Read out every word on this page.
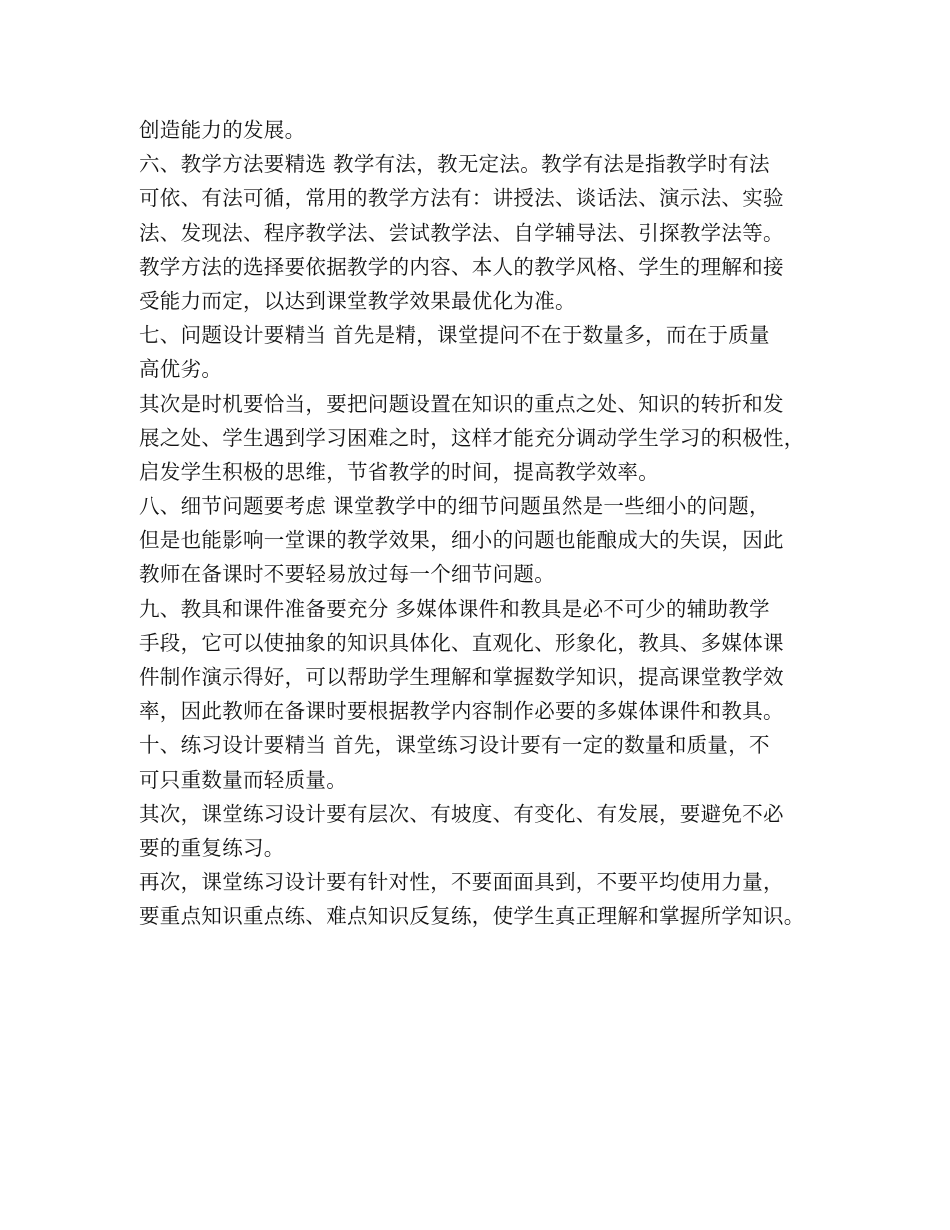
创造能力的发展。
六、教学方法要精选 教学有法，教无定法。教学有法是指教学时有法
可依、有法可循，常用的教学方法有：讲授法、谈话法、演示法、实验
法、发现法、程序教学法、尝试教学法、自学辅导法、引探教学法等。
教学方法的选择要依据教学的内容、本人的教学风格、学生的理解和接
受能力而定，以达到课堂教学效果最优化为准。
七、问题设计要精当 首先是精，课堂提问不在于数量多，而在于质量
高优劣。
其次是时机要恰当，要把问题设置在知识的重点之处、知识的转折和发
展之处、学生遇到学习困难之时，这样才能充分调动学生学习的积极性，
启发学生积极的思维，节省教学的时间，提高教学效率。
八、细节问题要考虑 课堂教学中的细节问题虽然是一些细小的问题，
但是也能影响一堂课的教学效果，细小的问题也能酿成大的失误，因此
教师在备课时不要轻易放过每一个细节问题。
九、教具和课件准备要充分 多媒体课件和教具是必不可少的辅助教学
手段，它可以使抽象的知识具体化、直观化、形象化，教具、多媒体课
件制作演示得好，可以帮助学生理解和掌握数学知识，提高课堂教学效
率，因此教师在备课时要根据教学内容制作必要的多媒体课件和教具。
十、练习设计要精当 首先，课堂练习设计要有一定的数量和质量，不
可只重数量而轻质量。
其次，课堂练习设计要有层次、有坡度、有变化、有发展，要避免不必
要的重复练习。
再次，课堂练习设计要有针对性，不要面面具到，不要平均使用力量，
要重点知识重点练、难点知识反复练，使学生真正理解和掌握所学知识。
